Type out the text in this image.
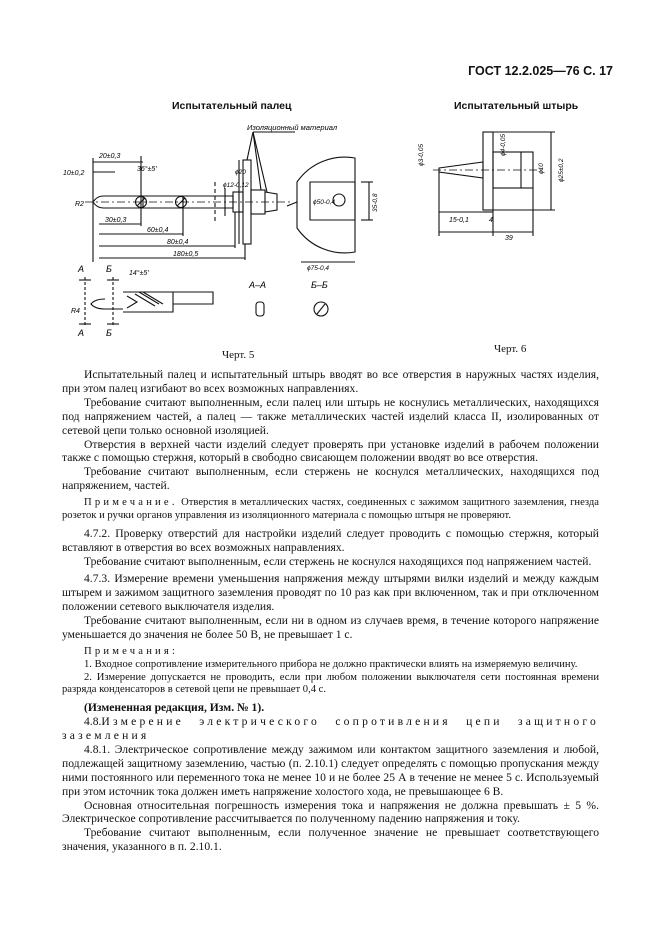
ГОСТ 12.2.025—76 С. 17
Испытательный палец	Испытательный штырь
Изоляционный материал
10±0,2
20±0,3
36°±5′
R2
30±0,3
60±0,4
80±0,4
180±0,5
ϕ12-0,12
ϕ20
А Б
А Б
14°±5′
R4
А–А	Б–Б
ϕ50-0,4	35-0,8
ϕ75-0,4
ϕ3-0,05	ϕ4-0,05
ϕ10 ϕ25±0,2
15-0,1	4
39
Черт. 5	Черт. 6

Испытательный палец и испытательный штырь вводят во все отверстия в наружных частях изделия, при этом палец изгибают во всех возможных направлениях.

Требование считают выполненным, если палец или штырь не коснулись металлических, находящихся под напряжением частей, а палец — также металлических частей изделий класса II, изолированных от сетевой цепи только основной изоляцией.

Отверстия в верхней части изделий следует проверять при установке изделий в рабочем положении также с помощью стержня, который в свободно свисающем положении вводят во все отверстия.

Требование считают выполненным, если стержень не коснулся металлических, находящихся под напряжением, частей.

Примечание. Отверстия в металлических частях, соединенных с зажимом защитного заземления, гнезда розеток и ручки органов управления из изоляционного материала с помощью штыря не проверяют.

4.7.2. Проверку отверстий для настройки изделий следует проводить с помощью стержня, который вставляют в отверстия во всех возможных направлениях.

Требование считают выполненным, если стержень не коснулся находящихся под напряжением частей.

4.7.3. Измерение времени уменьшения напряжения между штырями вилки изделий и между каждым штырем и зажимом защитного заземления проводят по 10 раз как при включенном, так и при отключенном положении сетевого выключателя изделия.

Требование считают выполненным, если ни в одном из случаев время, в течение которого напряжение уменьшается до значения не более 50 В, не превышает 1 с.

Примечания:

1. Входное сопротивление измерительного прибора не должно практически влиять на измеряемую величину.

2. Измерение допускается не проводить, если при любом положении выключателя сети постоянная времени разряда конденсаторов в сетевой цепи не превышает 0,4 с.

(Измененная редакция, Изм. № 1).

4.8.Измерение электрического сопротивления цепи защитного заземления

4.8.1. Электрическое сопротивление между зажимом или контактом защитного заземления и любой, подлежащей защитному заземлению, частью (п. 2.10.1) следует определять с помощью пропускания между ними постоянного или переменного тока не менее 10 и не более 25 А в течение не менее 5 с. Используемый при этом источник тока должен иметь напряжение холостого хода, не превышающее 6 В.

Основная относительная погрешность измерения тока и напряжения не должна превышать ± 5 %. Электрическое сопротивление рассчитывается по полученному падению напряжения и току.

Требование считают выполненным, если полученное значение не превышает соответствующего значения, указанного в п. 2.10.1.
